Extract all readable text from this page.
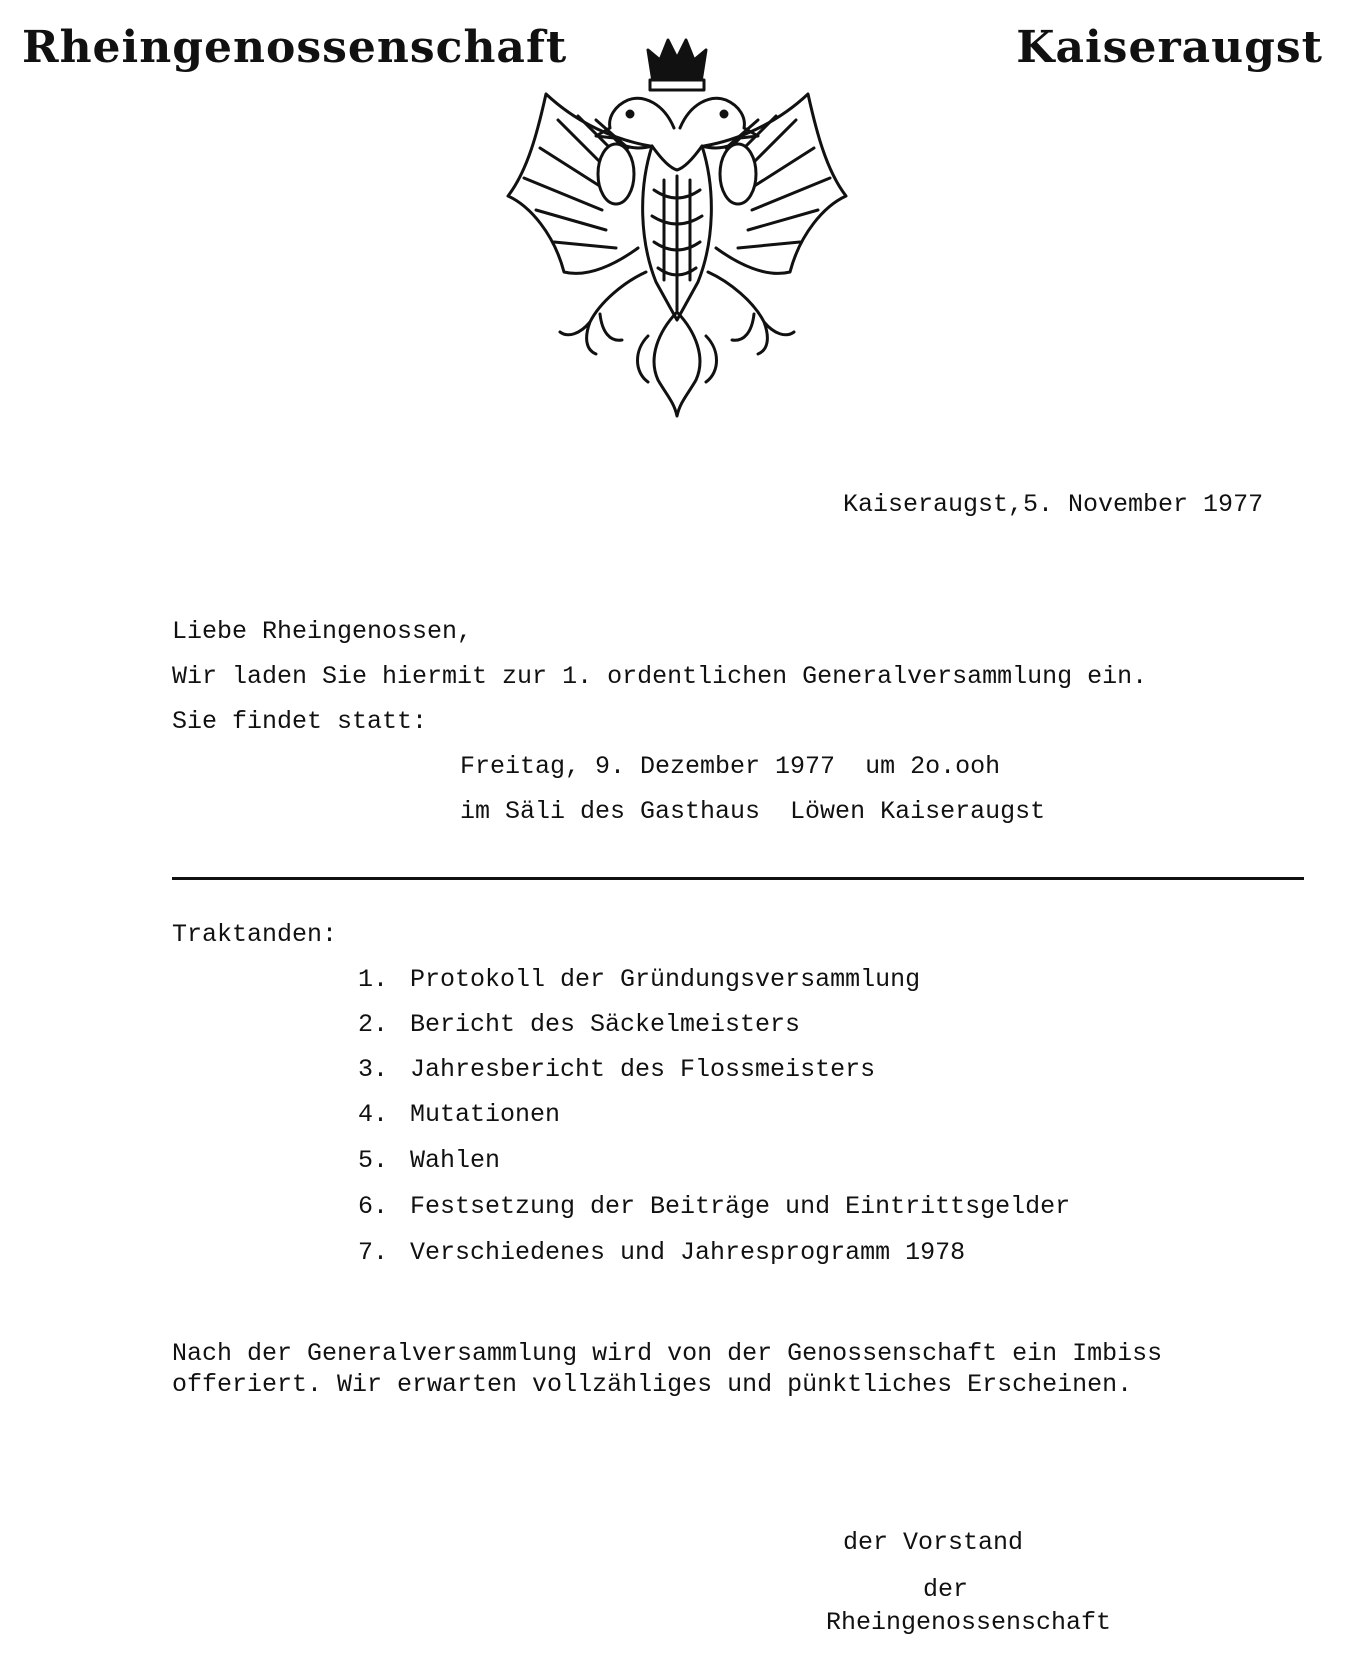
Rheingenossenschaft	Kaiseraugst
Kaiseraugst,5. November 1977
Liebe Rheingenossen,
Wir laden Sie hiermit zur 1. ordentlichen Generalversammlung ein.
Sie findet statt:
Freitag, 9. Dezember 1977  um 2o.ooh
im Säli des Gasthaus  Löwen Kaiseraugst
Traktanden:
1. Protokoll der Gründungsversammlung
2. Bericht des Säckelmeisters
3. Jahresbericht des Flossmeisters
4. Mutationen
5. Wahlen
6. Festsetzung der Beiträge und Eintrittsgelder
7. Verschiedenes und Jahresprogramm 1978
Nach der Generalversammlung wird von der Genossenschaft ein Imbiss
offeriert. Wir erwarten vollzähliges und pünktliches Erscheinen.
der Vorstand
der
Rheingenossenschaft
